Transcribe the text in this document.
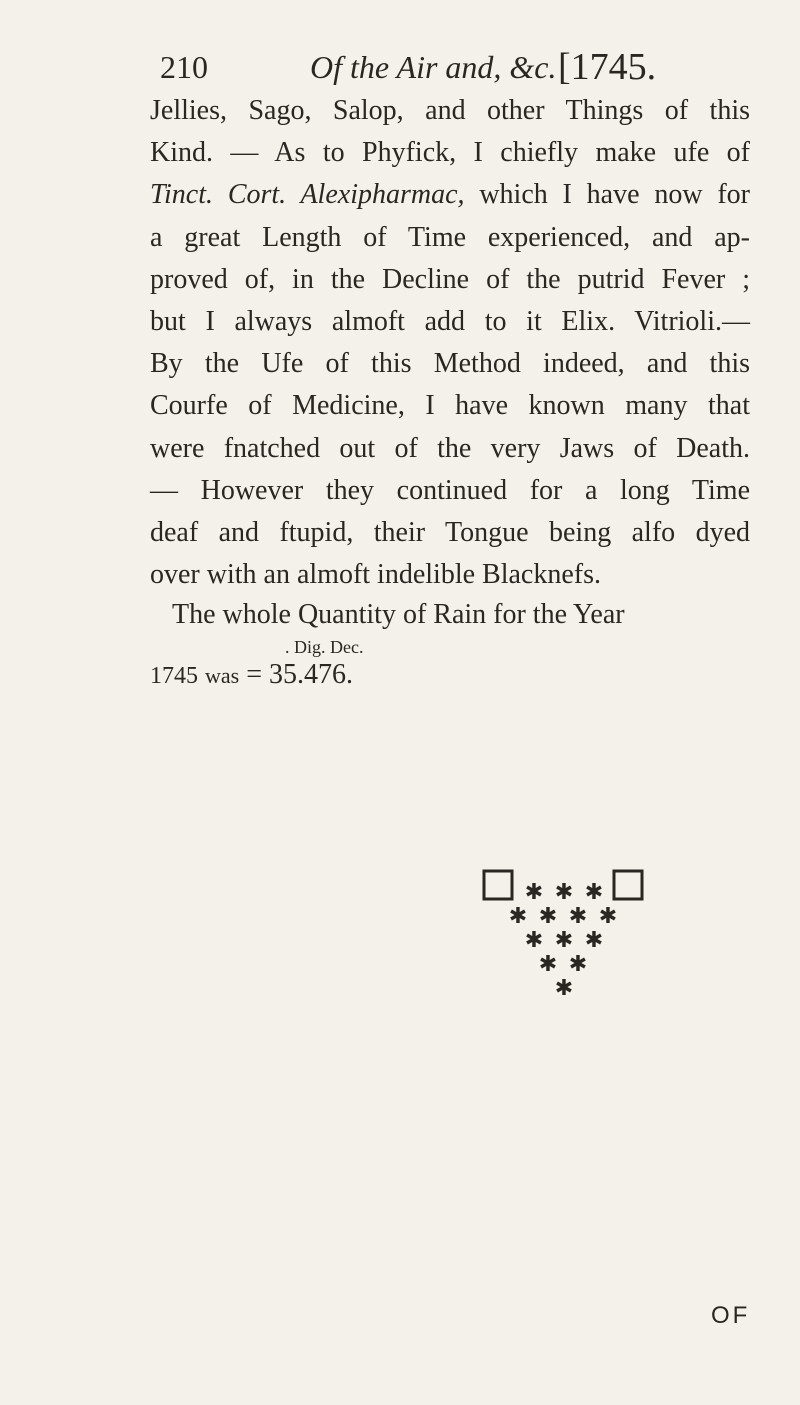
210	Of the Air and, &c. [1745.
Jellies, Sago, Salop, and other Things of this
Kind. — As to Phyfick, I chiefly make ufe of
Tinct. Cort. Alexipharmac, which I have now for
a great Length of Time experienced, and ap-
proved of, in the Decline of the putrid Fever ;
but I always almoft add to it Elix. Vitrioli.—
By the Ufe of this Method indeed, and this
Courfe of Medicine, I have known many that
were fnatched out of the very Jaws of Death.
— However they continued for a long Time
deaf and ftupid, their Tongue being alfo dyed
over with an almoft indelible Blacknefs.
The whole Quantity of Rain for the Year
. Dig. Dec.
1745 was = 35.476.
✱ ✱ ✱
✱ ✱ ✱ ✱
✱ ✱ ✱
✱ ✱
✱
OF
